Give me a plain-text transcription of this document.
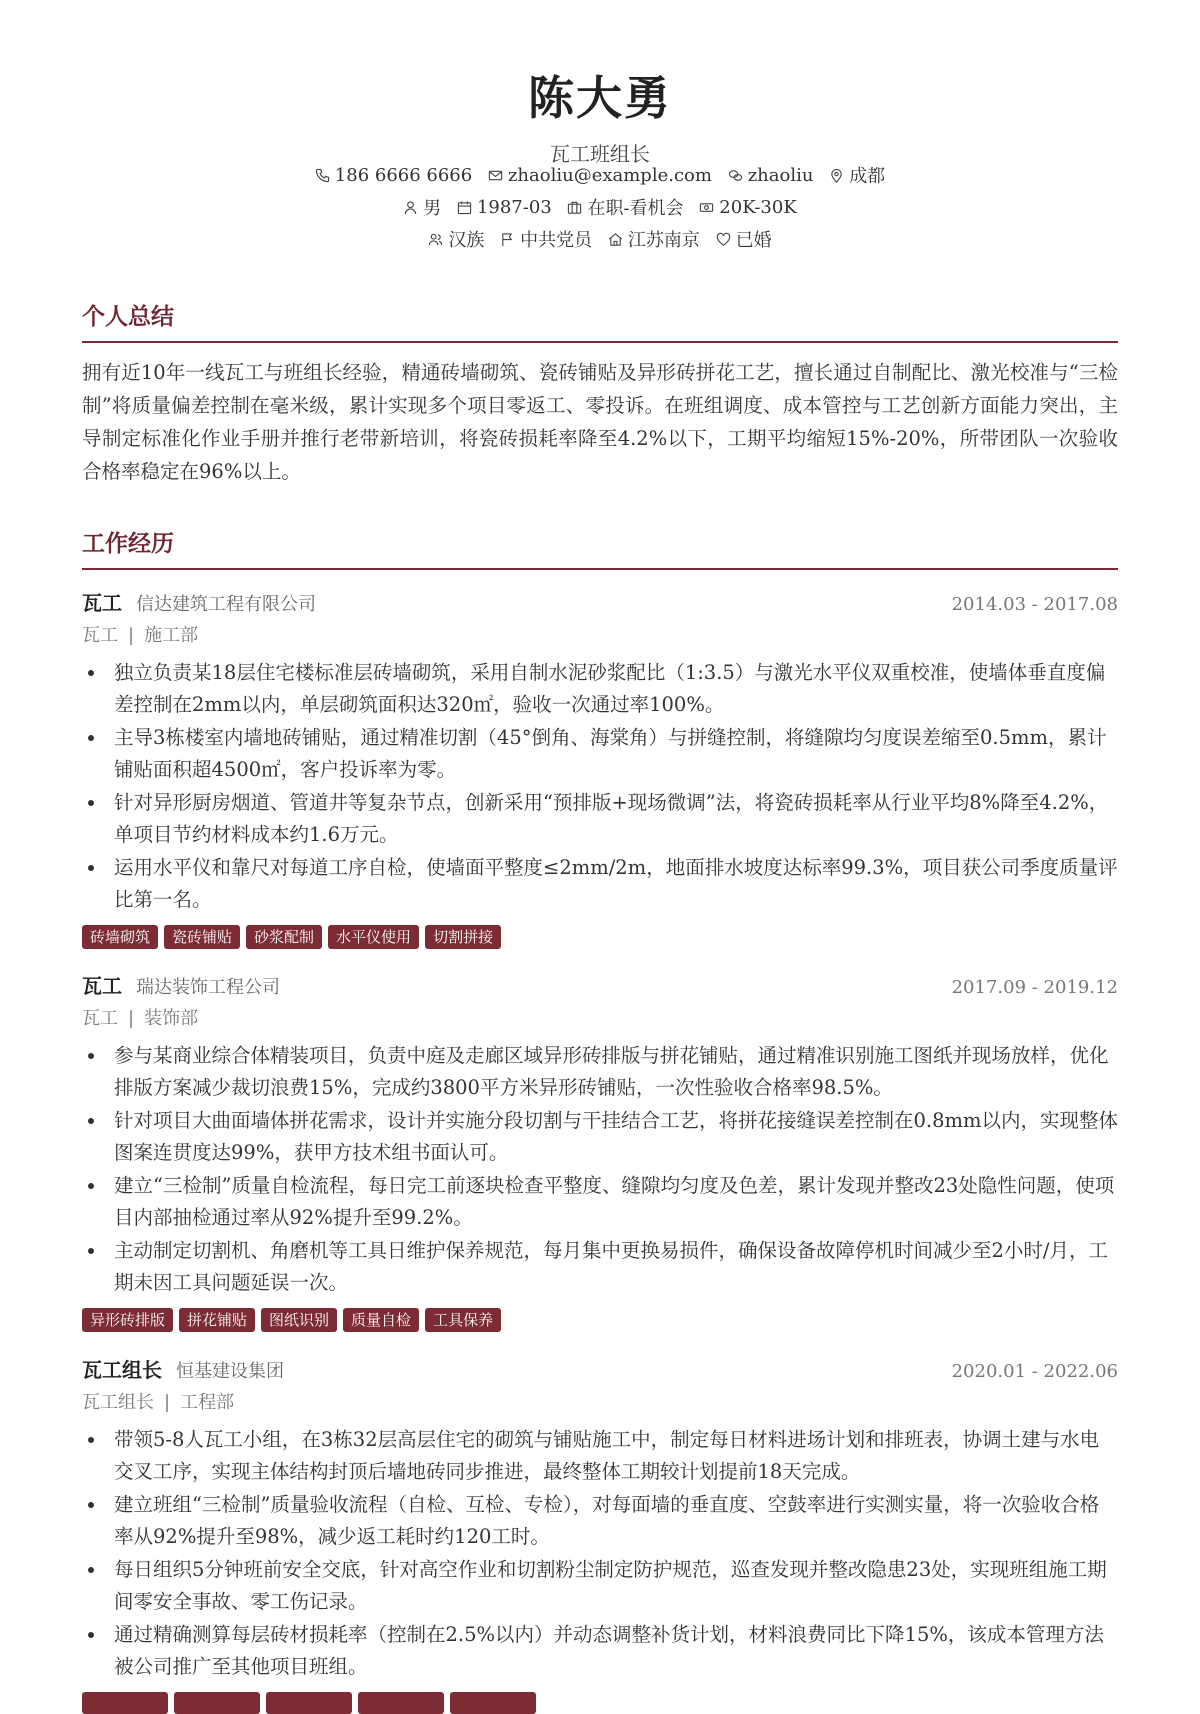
陈大勇
瓦工班组长
186 6666 6666
zhaoliu@example.com
zhaoliu
成都
男
1987-03
在职-看机会
20K-30K
汉族
中共党员
江苏南京
已婚
个人总结
拥有近10年一线瓦工与班组长经验，精通砖墙砌筑、瓷砖铺贴及异形砖拼花工艺，擅长通过自制配比、激光校准与“三检制”将质量偏差控制在毫米级，累计实现多个项目零返工、零投诉。在班组调度、成本管控与工艺创新方面能力突出，主导制定标准化作业手册并推行老带新培训，将瓷砖损耗率降至4.2%以下，工期平均缩短15%-20%，所带团队一次验收合格率稳定在96%以上。
工作经历
瓦工 信达建筑工程有限公司	2014.03 - 2017.08
瓦工 | 施工部
独立负责某18层住宅楼标准层砖墙砌筑，采用自制水泥砂浆配比（1:3.5）与激光水平仪双重校准，使墙体垂直度偏差控制在2mm以内，单层砌筑面积达320㎡，验收一次通过率100%。
主导3栋楼室内墙地砖铺贴，通过精准切割（45°倒角、海棠角）与拼缝控制，将缝隙均匀度误差缩至0.5mm，累计铺贴面积超4500㎡，客户投诉率为零。
针对异形厨房烟道、管道井等复杂节点，创新采用“预排版+现场微调”法，将瓷砖损耗率从行业平均8%降至4.2%，单项目节约材料成本约1.6万元。
运用水平仪和靠尺对每道工序自检，使墙面平整度≤2mm/2m，地面排水坡度达标率99.3%，项目获公司季度质量评比第一名。
砖墙砌筑	瓷砖铺贴	砂浆配制	水平仪使用	切割拼接
瓦工 瑞达装饰工程公司	2017.09 - 2019.12
瓦工 | 装饰部
参与某商业综合体精装项目，负责中庭及走廊区域异形砖排版与拼花铺贴，通过精准识别施工图纸并现场放样，优化排版方案减少裁切浪费15%，完成约3800平方米异形砖铺贴，一次性验收合格率98.5%。
针对项目大曲面墙体拼花需求，设计并实施分段切割与干挂结合工艺，将拼花接缝误差控制在0.8mm以内，实现整体图案连贯度达99%，获甲方技术组书面认可。
建立“三检制”质量自检流程，每日完工前逐块检查平整度、缝隙均匀度及色差，累计发现并整改23处隐性问题，使项目内部抽检通过率从92%提升至99.2%。
主动制定切割机、角磨机等工具日维护保养规范，每月集中更换易损件，确保设备故障停机时间减少至2小时/月，工期未因工具问题延误一次。
异形砖排版	拼花铺贴	图纸识别	质量自检	工具保养
瓦工组长 恒基建设集团	2020.01 - 2022.06
瓦工组长 | 工程部
带领5-8人瓦工小组，在3栋32层高层住宅的砌筑与铺贴施工中，制定每日材料进场计划和排班表，协调土建与水电交叉工序，实现主体结构封顶后墙地砖同步推进，最终整体工期较计划提前18天完成。
建立班组“三检制”质量验收流程（自检、互检、专检），对每面墙的垂直度、空鼓率进行实测实量，将一次验收合格率从92%提升至98%，减少返工耗时约120工时。
每日组织5分钟班前安全交底，针对高空作业和切割粉尘制定防护规范，巡查发现并整改隐患23处，实现班组施工期间零安全事故、零工伤记录。
通过精确测算每层砖材损耗率（控制在2.5%以内）并动态调整补货计划，材料浪费同比下降15%，该成本管理方法被公司推广至其他项目班组。
